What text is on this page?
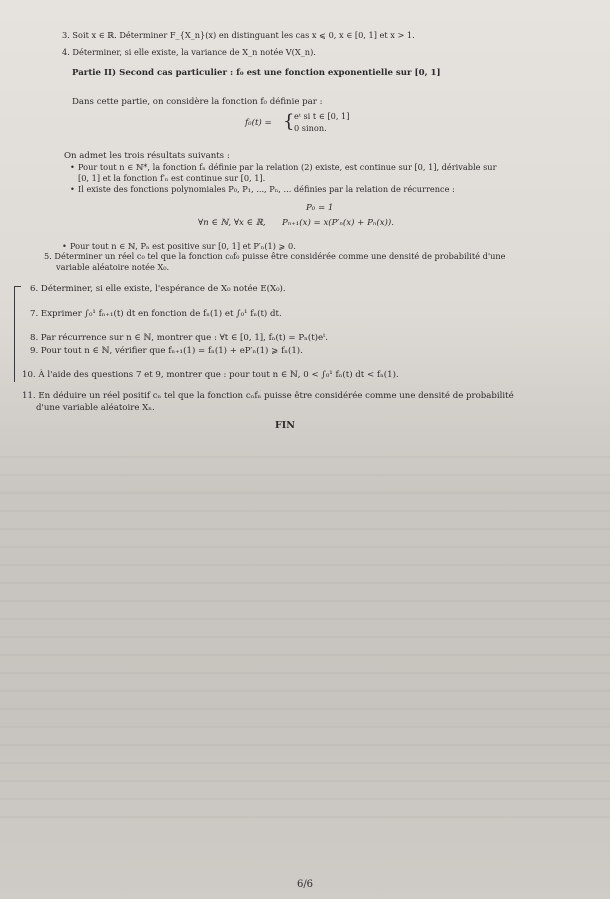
3. Soit x ∈ ℝ. Déterminer F_{X_n}(x) en distinguant les cas x ⩽ 0, x ∈ [0, 1] et x > 1.
4. Déterminer, si elle existe, la variance de X_n notée V(X_n).
Partie II) Second cas particulier : f₀ est une fonction exponentielle sur [0, 1]
Dans cette partie, on considère la fonction f₀ définie par :
f₀(t) = { eᵗ si t ∈ [0, 1]
0 sinon.
On admet les trois résultats suivants :
• Pour tout n ∈ ℕ*, la fonction fₙ définie par la relation (2) existe, est continue sur [0, 1], dérivable sur
[0, 1] et la fonction f′ₙ est continue sur [0, 1].
• Il existe des fonctions polynomiales P₀, P₁, ..., Pₙ, ... définies par la relation de récurrence :
P₀ = 1
∀n ∈ ℕ, ∀x ∈ ℝ, Pₙ₊₁(x) = x(P′ₙ(x) + Pₙ(x)).
• Pour tout n ∈ ℕ, Pₙ est positive sur [0, 1] et P′ₙ(1) ⩾ 0.
5. Déterminer un réel c₀ tel que la fonction c₀f₀ puisse être considérée comme une densité de probabilité d'une
variable aléatoire notée X₀.
6. Déterminer, si elle existe, l'espérance de X₀ notée E(X₀).
7. Exprimer ∫₀¹ fₙ₊₁(t) dt en fonction de fₙ(1) et ∫₀¹ fₙ(t) dt.
8. Par récurrence sur n ∈ ℕ, montrer que : ∀t ∈ [0, 1], fₙ(t) = Pₙ(t)eᵗ.
9. Pour tout n ∈ ℕ, vérifier que fₙ₊₁(1) = fₙ(1) + eP′ₙ(1) ⩾ fₙ(1).
10. À l'aide des questions 7 et 9, montrer que : pour tout n ∈ ℕ, 0 < ∫₀¹ fₙ(t) dt < fₙ(1).
11. En déduire un réel positif cₙ tel que la fonction cₙfₙ puisse être considérée comme une densité de probabilité
d'une variable aléatoire Xₙ.
FIN
6/6
